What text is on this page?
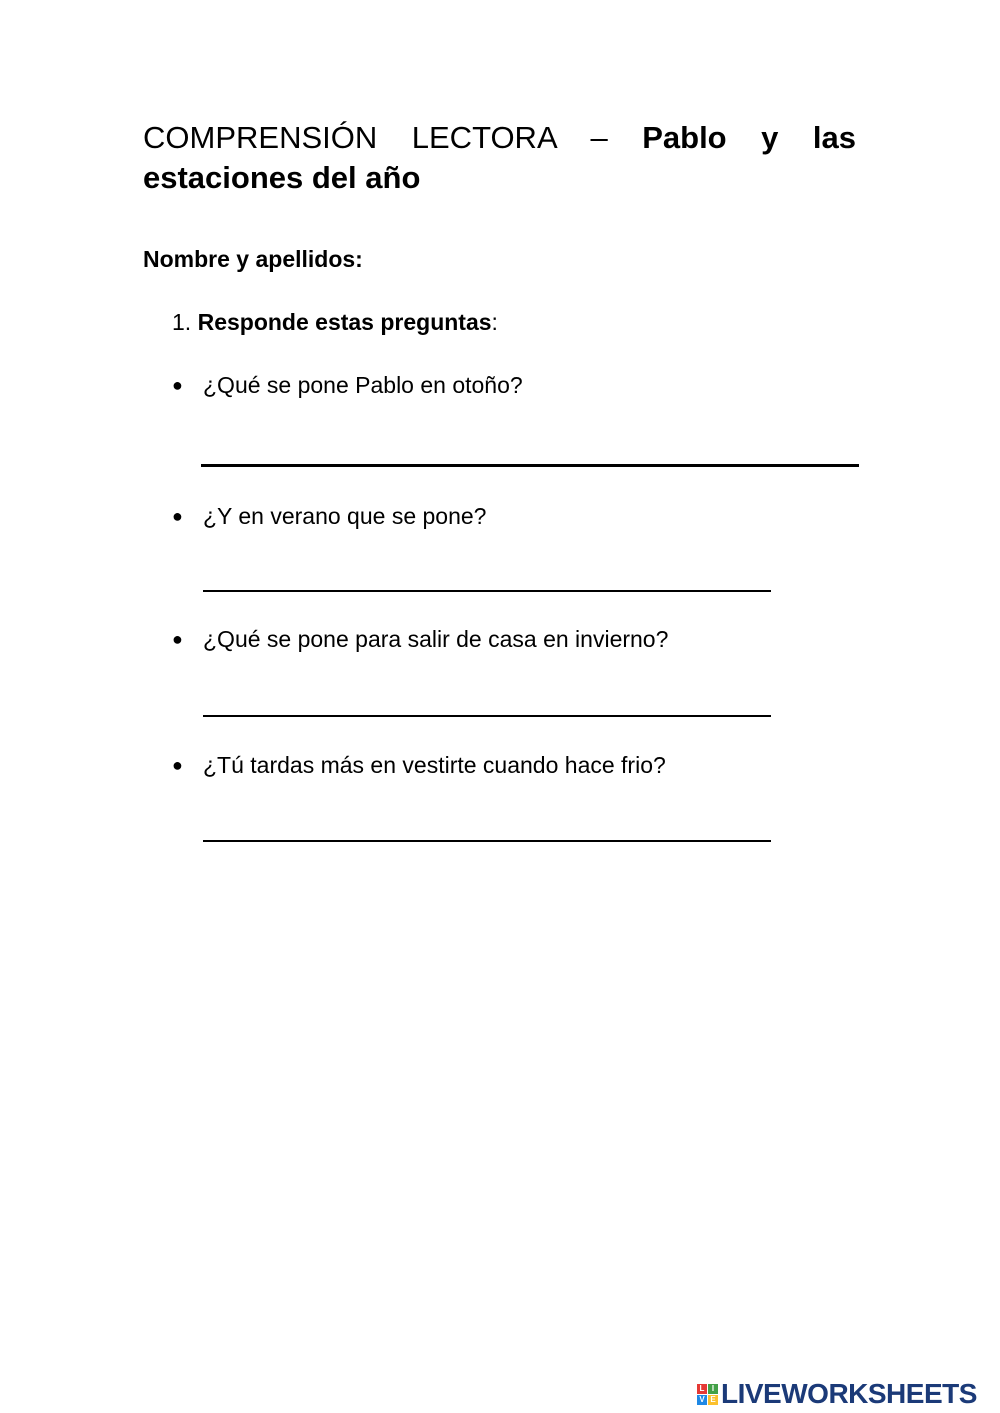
COMPRENSIÓN LECTORA – Pablo y las estaciones del año

Nombre y apellidos:

1. Responde estas preguntas:

● ¿Qué se pone Pablo en otoño?

● ¿Y en verano que se pone?

● ¿Qué se pone para salir de casa en invierno?

● ¿Tú tardas más en vestirte cuando hace frio?

L I
V E LIVEWORKSHEETS
